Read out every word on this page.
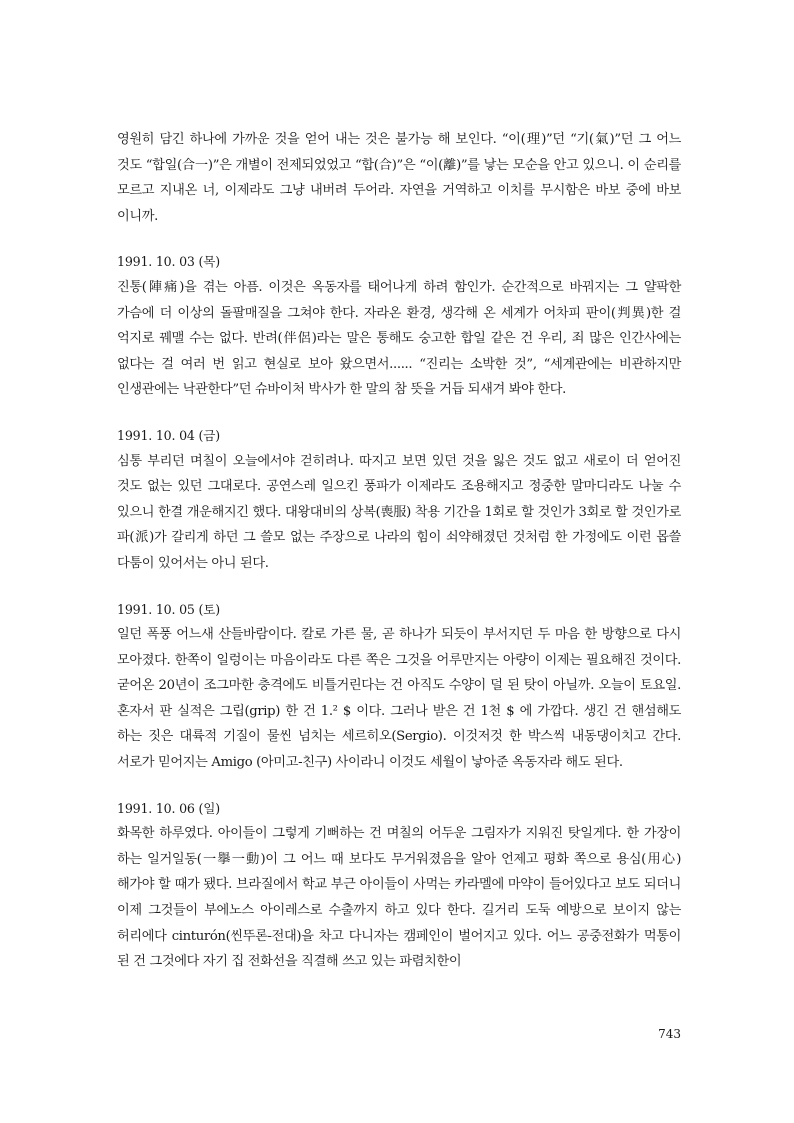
영원히 담긴 하나에 가까운 것을 얻어 내는 것은 불가능 해 보인다. “이(理)”던 “기(氣)”던 그 어느 것도 “합일(合一)”은 개별이 전제되었었고 “합(合)”은 “이(離)”를 낳는 모순을 안고 있으니. 이 순리를 모르고 지내온 너, 이제라도 그냥 내버려 두어라. 자연을 거역하고 이치를 무시함은 바보 중에 바보 이니까.

1991. 10. 03 (목)

진통(陣痛)을 겪는 아픔. 이것은 옥동자를 태어나게 하려 함인가. 순간적으로 바꿔지는 그 얄팍한 가슴에 더 이상의 돌팔매질을 그쳐야 한다. 자라온 환경, 생각해 온 세계가 어차피 판이(判異)한 걸 억지로 꿰맬 수는 없다. 반려(伴侶)라는 말은 통해도 숭고한 합일 같은 건 우리, 죄 많은 인간사에는 없다는 걸 여러 번 읽고 현실로 보아 왔으면서...... “진리는 소박한 것”, “세계관에는 비관하지만 인생관에는 낙관한다”던 슈바이처 박사가 한 말의 참 뜻을 거듭 되새겨 봐야 한다.

1991. 10. 04 (금)

심통 부리던 며칠이 오늘에서야 걷히려나. 따지고 보면 있던 것을 잃은 것도 없고 새로이 더 얻어진 것도 없는 있던 그대로다. 공연스레 일으킨 풍파가 이제라도 조용해지고 정중한 말마디라도 나눌 수 있으니 한결 개운해지긴 했다. 대왕대비의 상복(喪服) 착용 기간을 1회로 할 것인가 3회로 할 것인가로 파(派)가 갈리게 하던 그 쓸모 없는 주장으로 나라의 힘이 쇠약해졌던 것처럼 한 가정에도 이런 몹쓸 다툼이 있어서는 아니 된다.

1991. 10. 05 (토)

일던 폭풍 어느새 산들바람이다. 칼로 가른 물, 곧 하나가 되듯이 부서지던 두 마음 한 방향으로 다시 모아졌다. 한쪽이 일렁이는 마음이라도 다른 쪽은 그것을 어루만지는 아량이 이제는 필요해진 것이다. 굳어온 20년이 조그마한 충격에도 비틀거린다는 건 아직도 수양이 덜 된 탓이 아닐까. 오늘이 토요일. 혼자서 판 실적은 그립(grip) 한 건 1.² $ 이다. 그러나 받은 건 1천 $ 에 가깝다. 생긴 건 핸섬해도 하는 짓은 대륙적 기질이 물씬 넘치는 세르히오(Sergio). 이것저것 한 박스씩 내동댕이치고 간다. 서로가 믿어지는 Amigo (아미고-친구) 사이라니 이것도 세월이 낳아준 옥동자라 해도 된다.

1991. 10. 06 (일)

화목한 하루였다. 아이들이 그렇게 기뻐하는 건 며칠의 어두운 그림자가 지워진 탓일게다. 한 가장이 하는 일거일동(一擧一動)이 그 어느 때 보다도 무거워졌음을 알아 언제고 평화 쪽으로 용심(用心)해가야 할 때가 됐다. 브라질에서 학교 부근 아이들이 사먹는 카라멜에 마약이 들어있다고 보도 되더니 이제 그것들이 부에노스 아이레스로 수출까지 하고 있다 한다. 길거리 도둑 예방으로 보이지 않는 허리에다 cinturón(씬뚜론-전대)을 차고 다니자는 캠페인이 벌어지고 있다. 어느 공중전화가 먹통이 된 건 그것에다 자기 집 전화선을 직결해 쓰고 있는 파렴치한이

743
